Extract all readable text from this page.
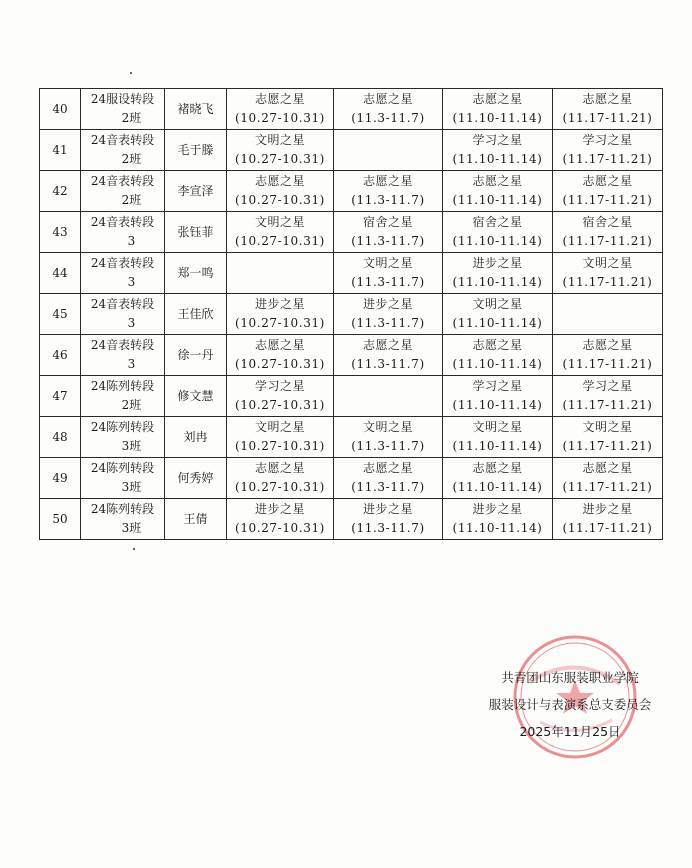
40	24服设转段
2班	褚晓飞	志愿之星
(10.27-10.31)	志愿之星
(11.3-11.7)	志愿之星
(11.10-11.14)	志愿之星
(11.17-11.21)

41	24音表转段
2班	毛于滕	文明之星
(10.27-10.31)		学习之星
(11.10-11.14)	学习之星
(11.17-11.21)

42	24音表转段
2班	李宣泽	志愿之星
(10.27-10.31)	志愿之星
(11.3-11.7)	志愿之星
(11.10-11.14)	志愿之星
(11.17-11.21)

43	24音表转段
3	张钰菲	文明之星
(10.27-10.31)	宿舍之星
(11.3-11.7)	宿舍之星
(11.10-11.14)	宿舍之星
(11.17-11.21)

44	24音表转段
3	郑一鸣		文明之星
(11.3-11.7)	进步之星
(11.10-11.14)	文明之星
(11.17-11.21)

45	24音表转段
3	王佳欣	进步之星
(10.27-10.31)	进步之星
(11.3-11.7)	文明之星
(11.10-11.14)	

46	24音表转段
3	徐一丹	志愿之星
(10.27-10.31)	志愿之星
(11.3-11.7)	志愿之星
(11.10-11.14)	志愿之星
(11.17-11.21)

47	24陈列转段
2班	修文慧	学习之星
(10.27-10.31)		学习之星
(11.10-11.14)	学习之星
(11.17-11.21)

48	24陈列转段
3班	刘冉	文明之星
(10.27-10.31)	文明之星
(11.3-11.7)	文明之星
(11.10-11.14)	文明之星
(11.17-11.21)

49	24陈列转段
3班	何秀婷	志愿之星
(10.27-10.31)	志愿之星
(11.3-11.7)	志愿之星
(11.10-11.14)	志愿之星
(11.17-11.21)

50	24陈列转段
3班	王倩	进步之星
(10.27-10.31)	进步之星
(11.3-11.7)	进步之星
(11.10-11.14)	进步之星
(11.17-11.21)
共青团山东服装职业学院
服装设计与表演系总支委员会
2025年11月25日
